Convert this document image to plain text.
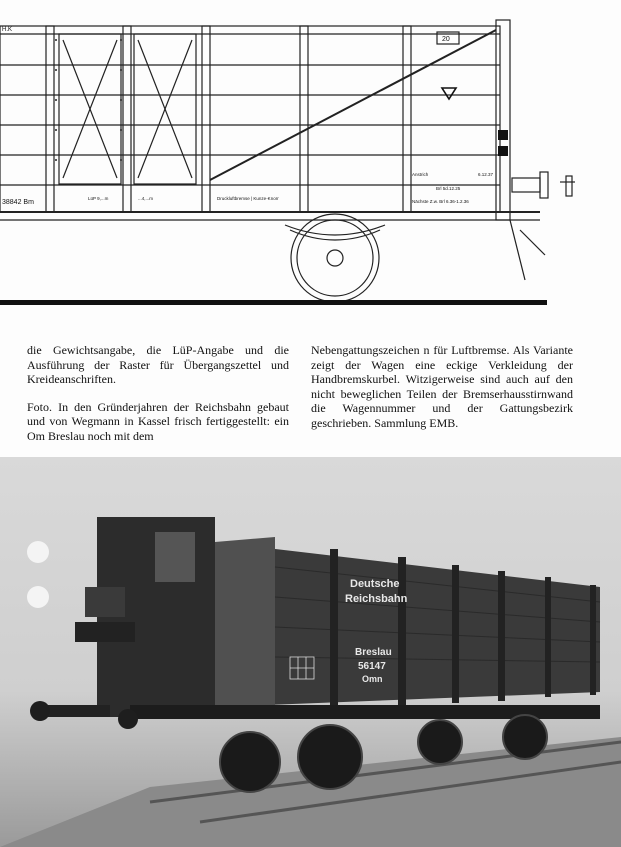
H.K
38842 Bm
20
LüP 9,...m	...4,...m	Druckluftbremse | Kunze-Knorr
Anstrich	6.12.37
Brl 5d.12.25
Nächste Z.w. Brl 6.36-1.2.36

die Gewichtsangabe, die LüP-Angabe und die Ausführung der Raster für Übergangszettel und Kreideanschriften.

Foto. In den Gründerjahren der Reichsbahn gebaut und von Wegmann in Kassel frisch fertiggestellt: ein Om Breslau noch mit dem

Nebengattungszeichen n für Luftbremse. Als Variante zeigt der Wagen eine eckige Verkleidung der Handbremskurbel. Witzigerweise sind auch auf den nicht beweglichen Teilen der Bremserhausstirnwand die Wagennummer und der Gattungsbezirk geschrieben. Sammlung EMB.

Deutsche
Reichsbahn
Breslau
56147
Omn
